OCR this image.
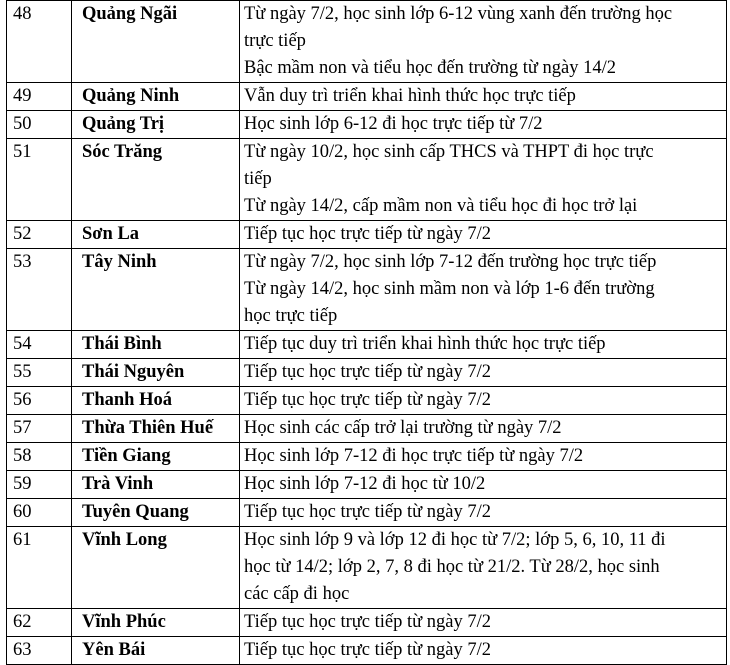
48	Quảng Ngãi	Từ ngày 7/2, học sinh lớp 6-12 vùng xanh đến trường học
trực tiếp
Bậc mầm non và tiểu học đến trường từ ngày 14/2

49	Quảng Ninh	Vẫn duy trì triển khai hình thức học trực tiếp

50	Quảng Trị	Học sinh lớp 6-12 đi học trực tiếp từ 7/2

51	Sóc Trăng	Từ ngày 10/2, học sinh cấp THCS và THPT đi học trực
tiếp
Từ ngày 14/2, cấp mầm non và tiểu học đi học trở lại

52	Sơn La	Tiếp tục học trực tiếp từ ngày 7/2

53	Tây Ninh	Từ ngày 7/2, học sinh lớp 7-12 đến trường học trực tiếp
Từ ngày 14/2, học sinh mầm non và lớp 1-6 đến trường
học trực tiếp

54	Thái Bình	Tiếp tục duy trì triển khai hình thức học trực tiếp

55	Thái Nguyên	Tiếp tục học trực tiếp từ ngày 7/2

56	Thanh Hoá	Tiếp tục học trực tiếp từ ngày 7/2

57	Thừa Thiên Huế	Học sinh các cấp trở lại trường từ ngày 7/2

58	Tiền Giang	Học sinh lớp 7-12 đi học trực tiếp từ ngày 7/2

59	Trà Vinh	Học sinh lớp 7-12 đi học từ 10/2

60	Tuyên Quang	Tiếp tục học trực tiếp từ ngày 7/2

61	Vĩnh Long	Học sinh lớp 9 và lớp 12 đi học từ 7/2; lớp 5, 6, 10, 11 đi
học từ 14/2; lớp 2, 7, 8 đi học từ 21/2. Từ 28/2, học sinh
các cấp đi học

62	Vĩnh Phúc	Tiếp tục học trực tiếp từ ngày 7/2

63	Yên Bái	Tiếp tục học trực tiếp từ ngày 7/2
